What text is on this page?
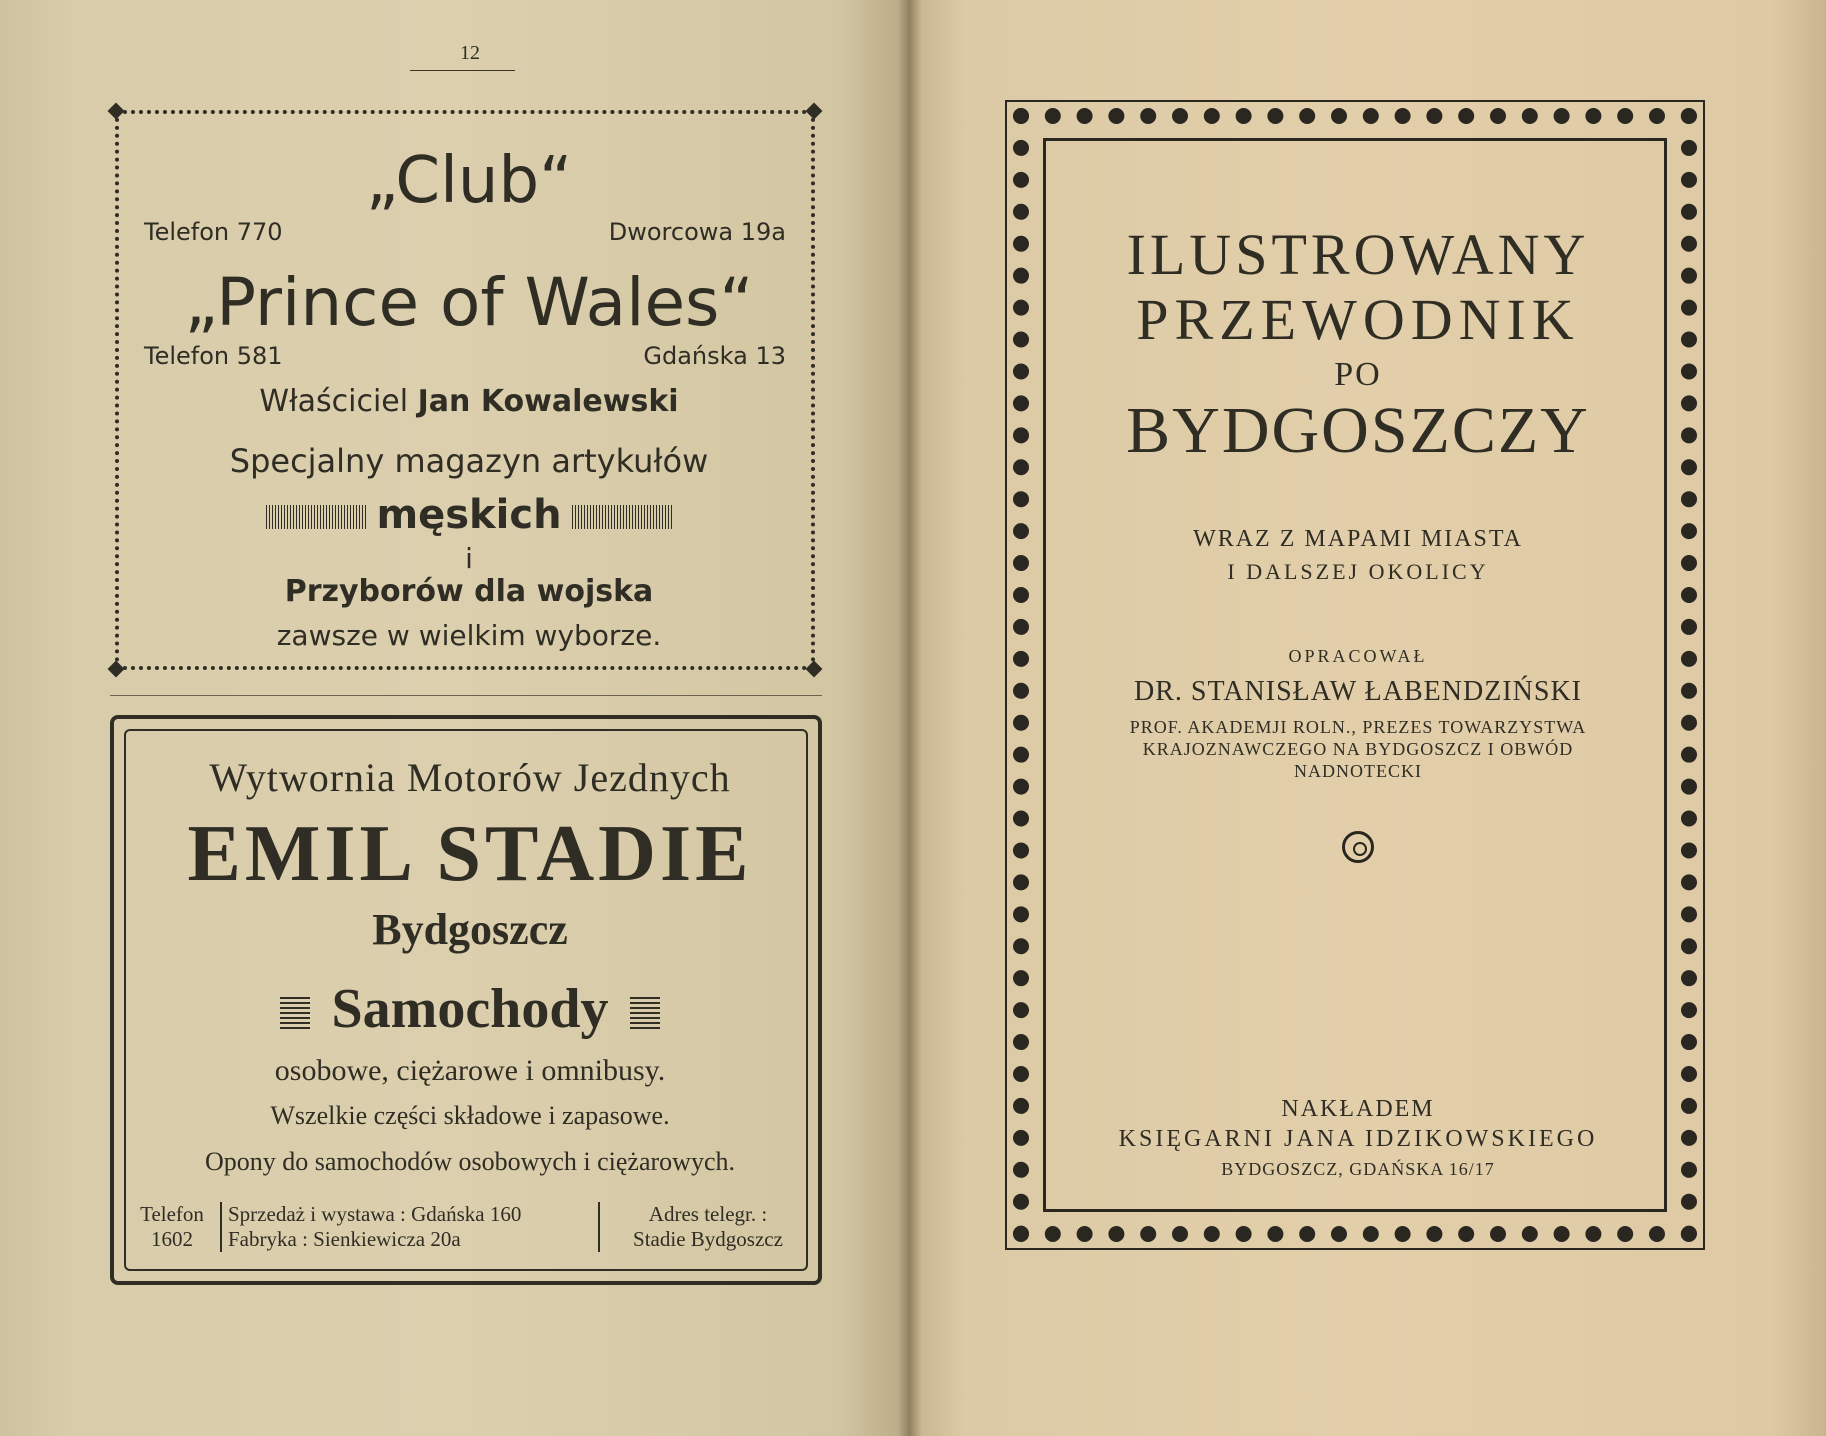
12
„Club“
Telefon 770	Dworcowa 19a
„Prince of Wales“
Telefon 581	Gdańska 13
Właściciel Jan Kowalewski
Specjalny magazyn artykułów
męskich
i
Przyborów dla wojska
zawsze w wielkim wyborze.
Wytwornia Motorów Jezdnych
EMIL STADIE
Bydgoszcz
Samochody
osobowe, ciężarowe i omnibusy.
Wszelkie części składowe i zapasowe.
Opony do samochodów osobowych i ciężarowych.
Telefon
1602
Sprzedaż i wystawa : Gdańska 160
Fabryka : Sienkiewicza 20a
Adres telegr. :
Stadie Bydgoszcz
ILUSTROWANY
PRZEWODNIK
PO
BYDGOSZCZY
WRAZ Z MAPAMI MIASTA
I DALSZEJ OKOLICY
OPRACOWAŁ
DR. STANISŁAW ŁABENDZIŃSKI
PROF. AKADEMJI ROLN., PREZES TOWARZYSTWA
KRAJOZNAWCZEGO NA BYDGOSZCZ I OBWÓD
NADNOTECKI
NAKŁADEM
KSIĘGARNI JANA IDZIKOWSKIEGO
BYDGOSZCZ, GDAŃSKA 16/17
